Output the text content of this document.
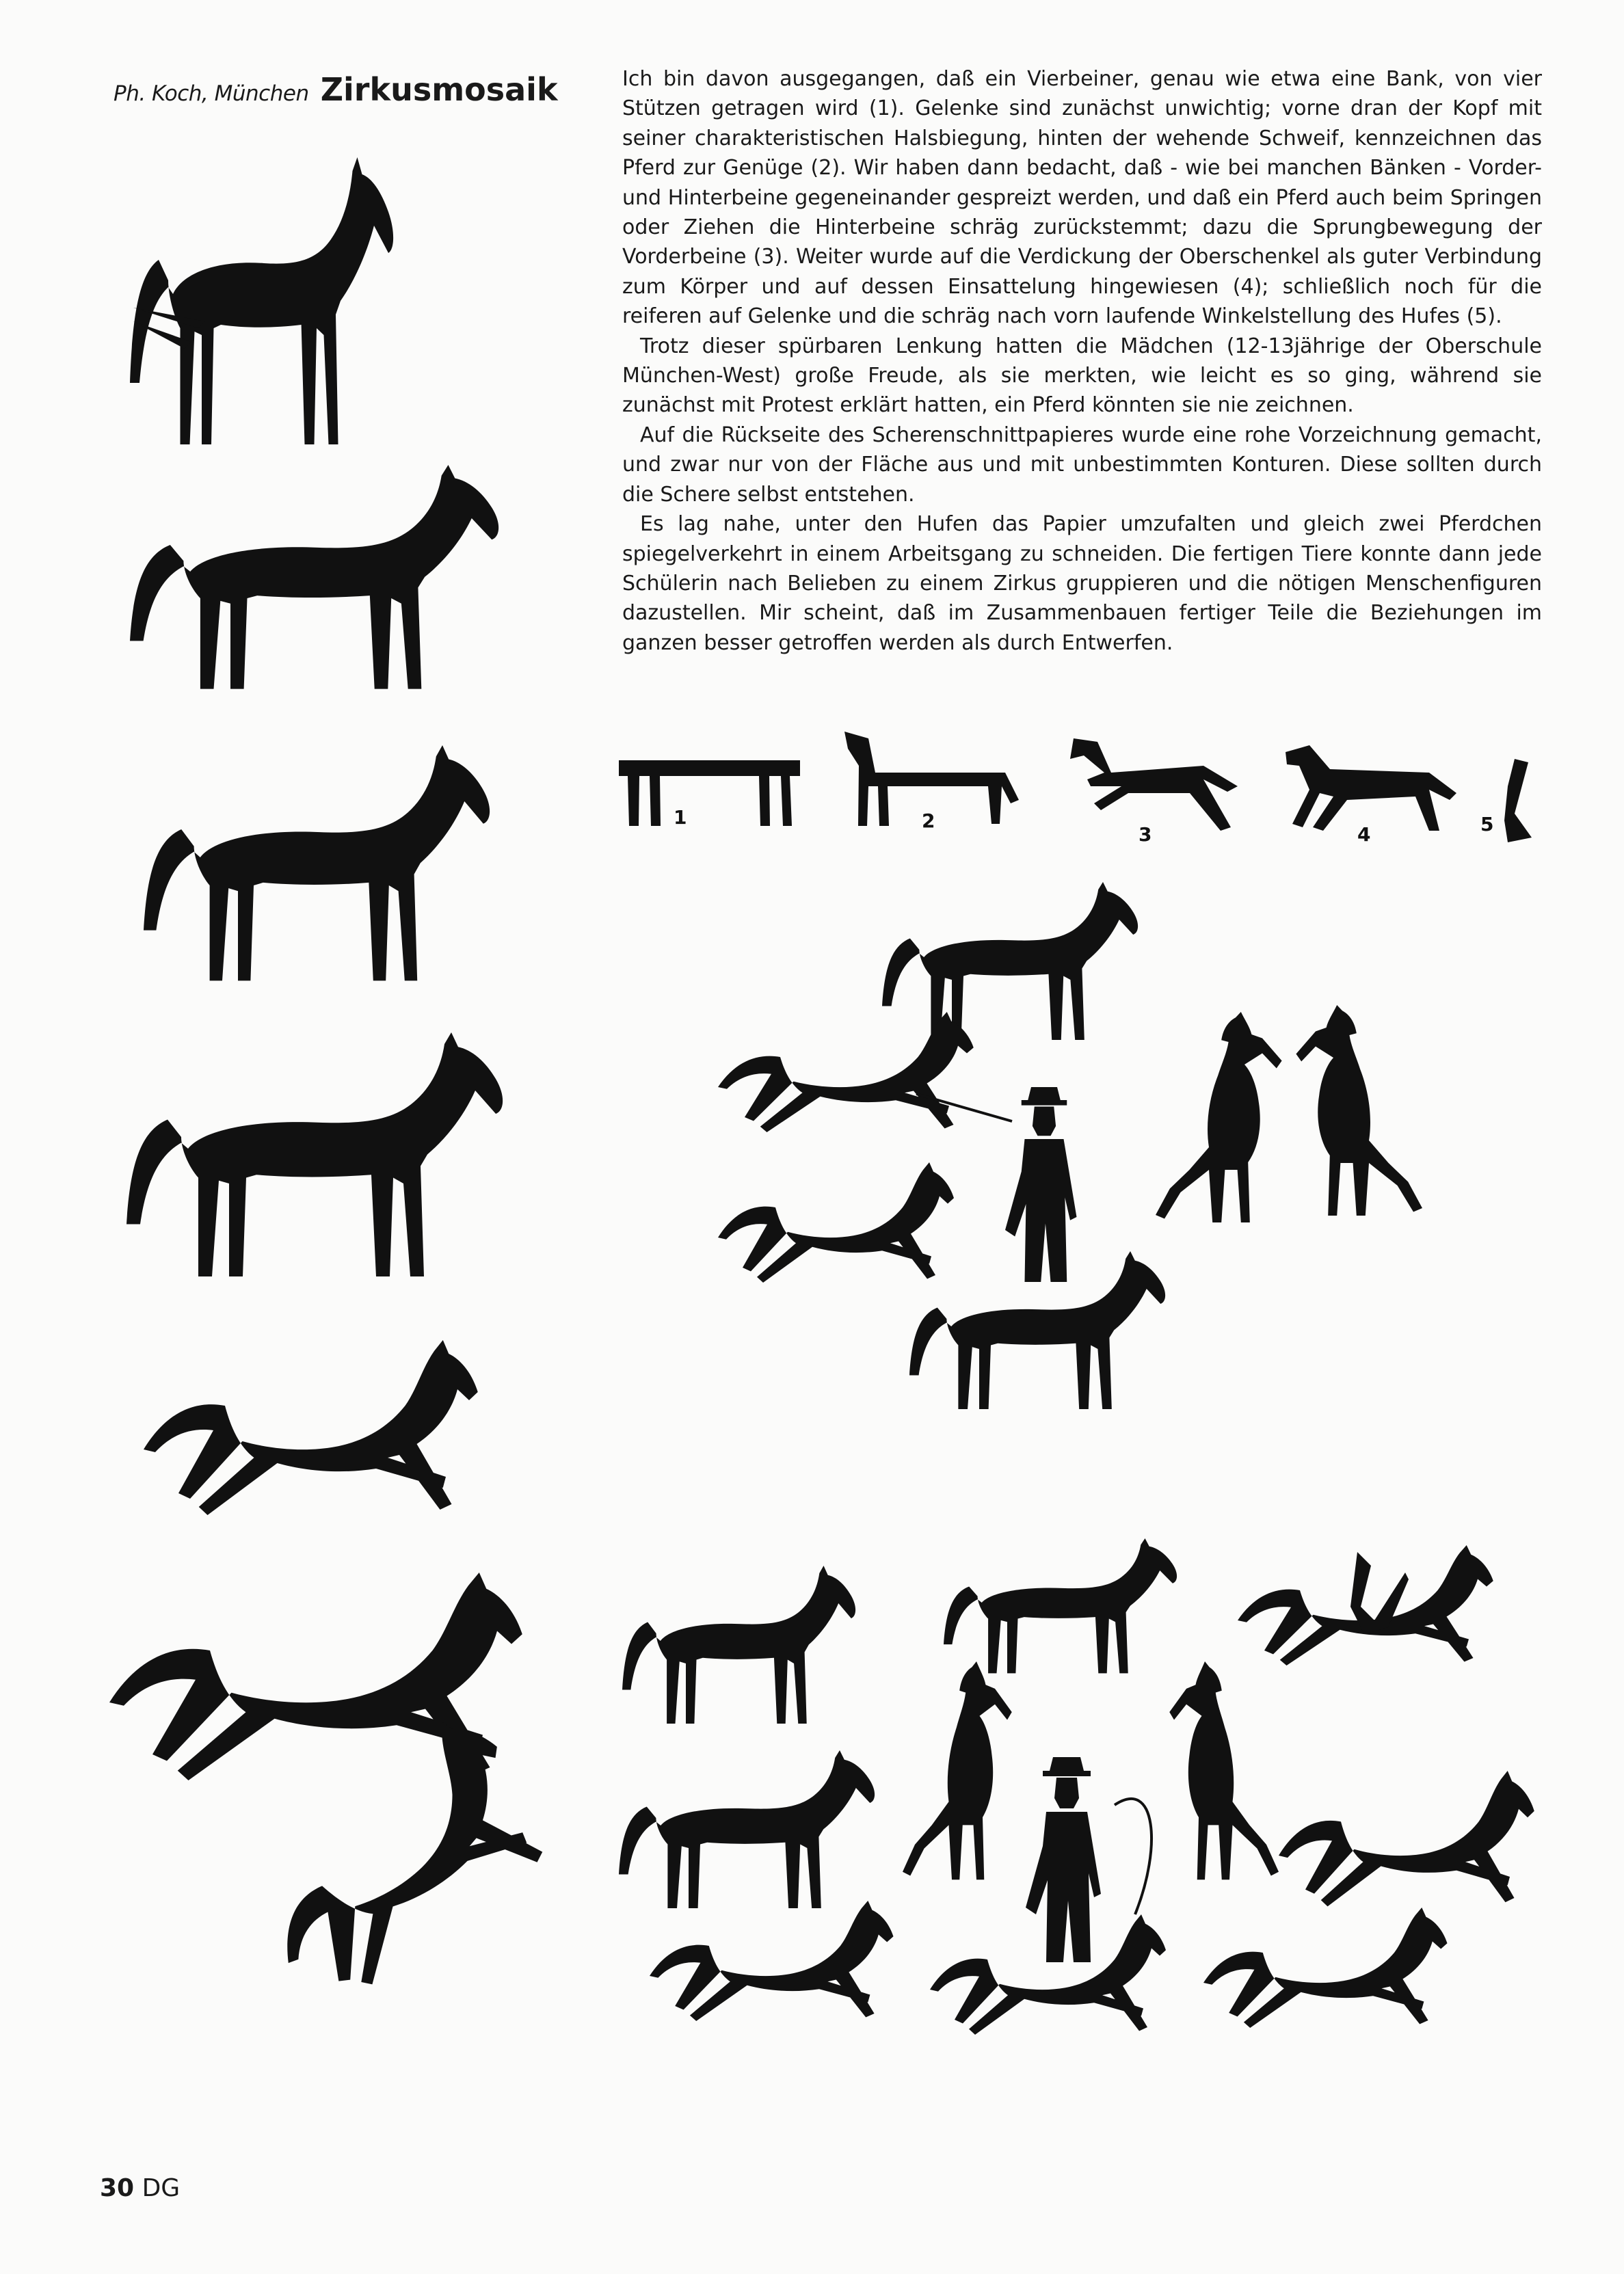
Ph. Koch, München Zirkusmosaik	Ich bin davon ausgegangen, daß ein Vierbeiner, genau wie etwa eine Bank, von vier Stützen getragen wird (1). Gelenke sind zunächst unwichtig; vorne dran der Kopf mit seiner charakteristischen Halsbiegung, hinten der wehende Schweif, kennzeichnen das Pferd zur Genüge (2). Wir haben dann bedacht, daß - wie bei manchen Bänken - Vorder- und Hinterbeine gegeneinander gespreizt werden, und daß ein Pferd auch beim Springen oder Ziehen die Hinterbeine schräg zurückstemmt; dazu die Sprungbewegung der Vorderbeine (3). Weiter wurde auf die Verdickung der Oberschenkel als guter Verbindung zum Körper und auf dessen Einsattelung hingewiesen (4); schließlich noch für die reiferen auf Gelenke und die schräg nach vorn laufende Winkelstellung des Hufes (5).

Trotz dieser spürbaren Lenkung hatten die Mädchen (12-13jährige der Oberschule München-West) große Freude, als sie merkten, wie leicht es so ging, während sie zunächst mit Protest erklärt hatten, ein Pferd könnten sie nie zeichnen.

Auf die Rückseite des Scherenschnittpapieres wurde eine rohe Vorzeichnung gemacht, und zwar nur von der Fläche aus und mit unbestimmten Konturen. Diese sollten durch die Schere selbst entstehen.

Es lag nahe, unter den Hufen das Papier umzufalten und gleich zwei Pferdchen spiegelverkehrt in einem Arbeitsgang zu schneiden. Die fertigen Tiere konnte dann jede Schülerin nach Belieben zu einem Zirkus gruppieren und die nötigen Menschenfiguren dazustellen. Mir scheint, daß im Zusammenbauen fertiger Teile die Beziehungen im ganzen besser getroffen werden als durch Entwerfen.

1	2
3	4	5
30 DG
